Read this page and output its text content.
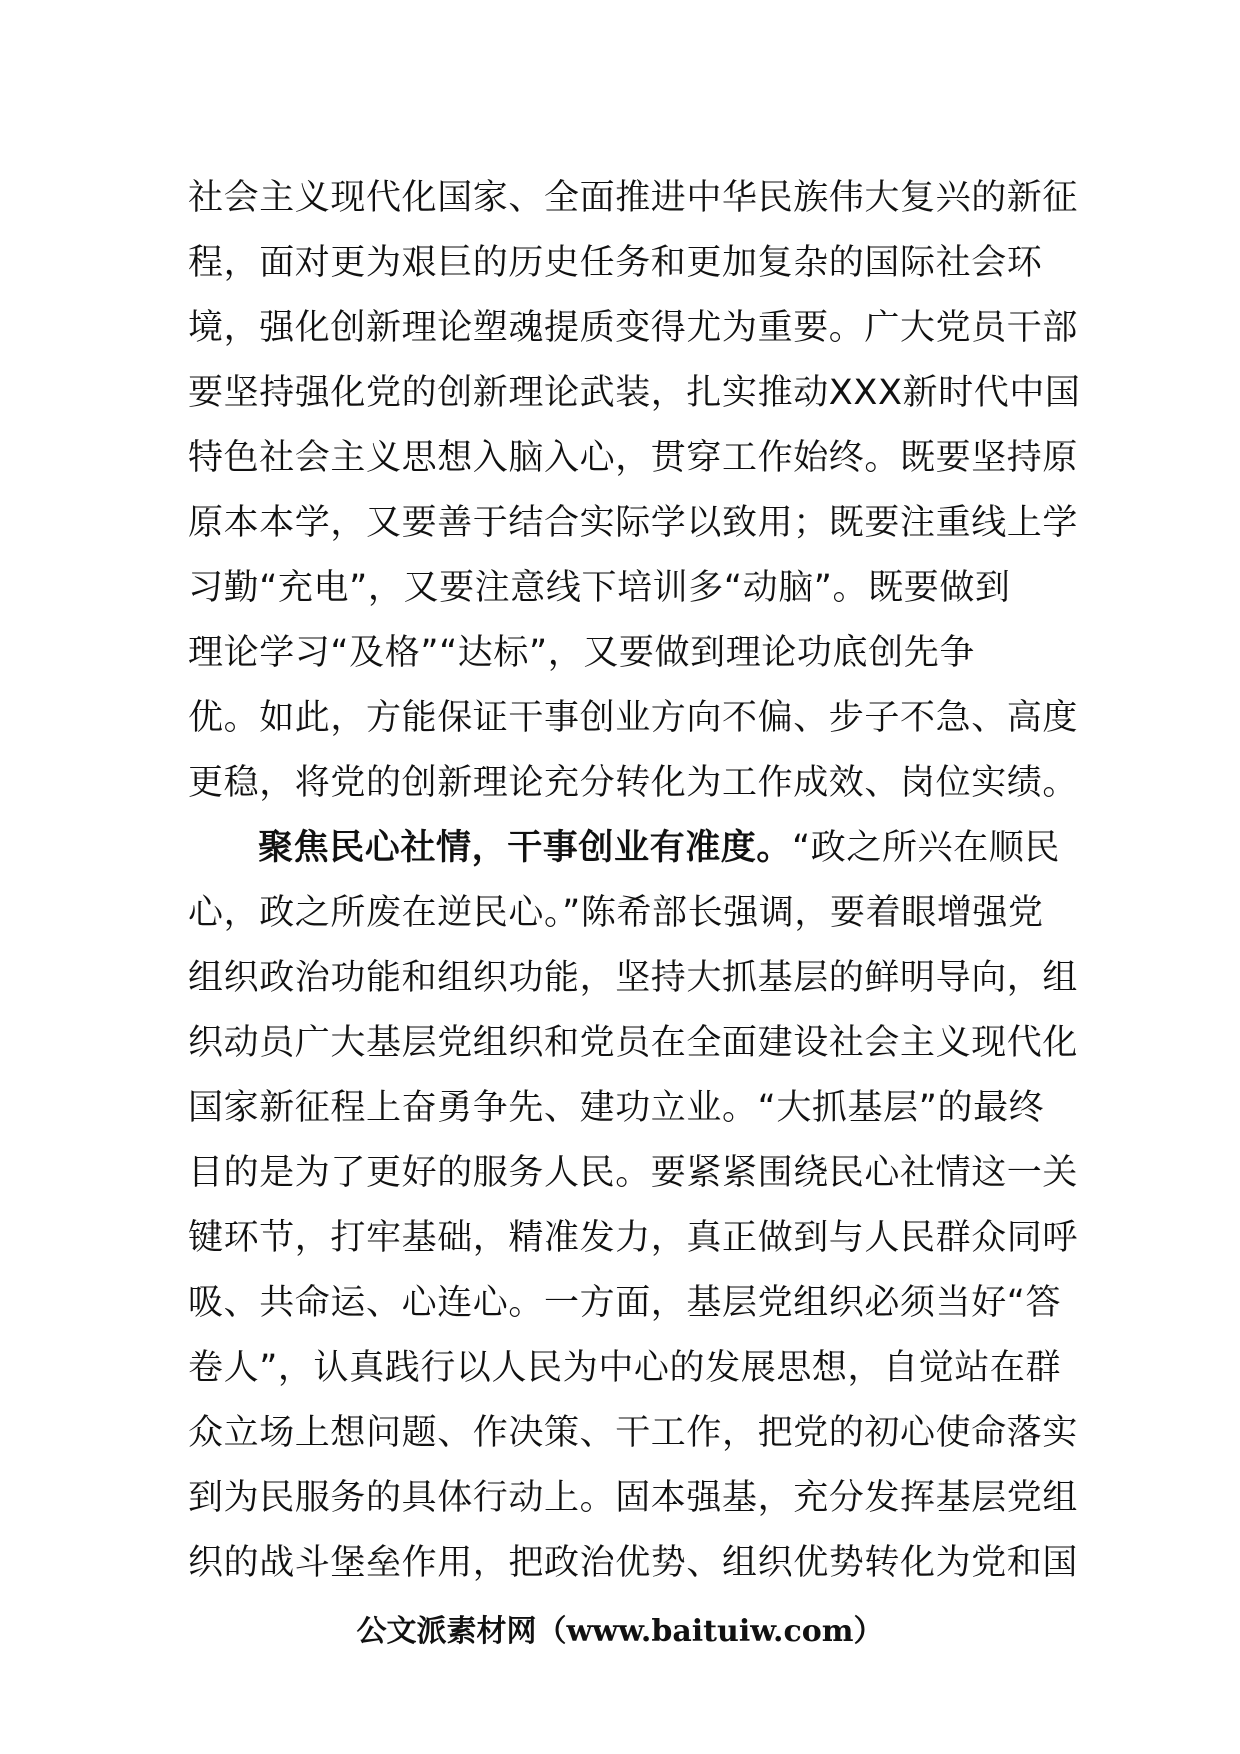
社会主义现代化国家、全面推进中华民族伟大复兴的新征
程，面对更为艰巨的历史任务和更加复杂的国际社会环
境，强化创新理论塑魂提质变得尤为重要。广大党员干部
要坚持强化党的创新理论武装，扎实推动XXX新时代中国
特色社会主义思想入脑入心，贯穿工作始终。既要坚持原
原本本学，又要善于结合实际学以致用；既要注重线上学
习勤“充电”，又要注意线下培训多“动脑”。既要做到
理论学习“及格”“达标”，又要做到理论功底创先争
优。如此，方能保证干事创业方向不偏、步子不急、高度
更稳，将党的创新理论充分转化为工作成效、岗位实绩。
聚焦民心社情，干事创业有准度。“政之所兴在顺民
心，政之所废在逆民心。”陈希部长强调，要着眼增强党
组织政治功能和组织功能，坚持大抓基层的鲜明导向，组
织动员广大基层党组织和党员在全面建设社会主义现代化
国家新征程上奋勇争先、建功立业。“大抓基层”的最终
目的是为了更好的服务人民。要紧紧围绕民心社情这一关
键环节，打牢基础，精准发力，真正做到与人民群众同呼
吸、共命运、心连心。一方面，基层党组织必须当好“答
卷人”，认真践行以人民为中心的发展思想，自觉站在群
众立场上想问题、作决策、干工作，把党的初心使命落实
到为民服务的具体行动上。固本强基，充分发挥基层党组
织的战斗堡垒作用，把政治优势、组织优势转化为党和国
公文派素材网（www.baituiw.com）
